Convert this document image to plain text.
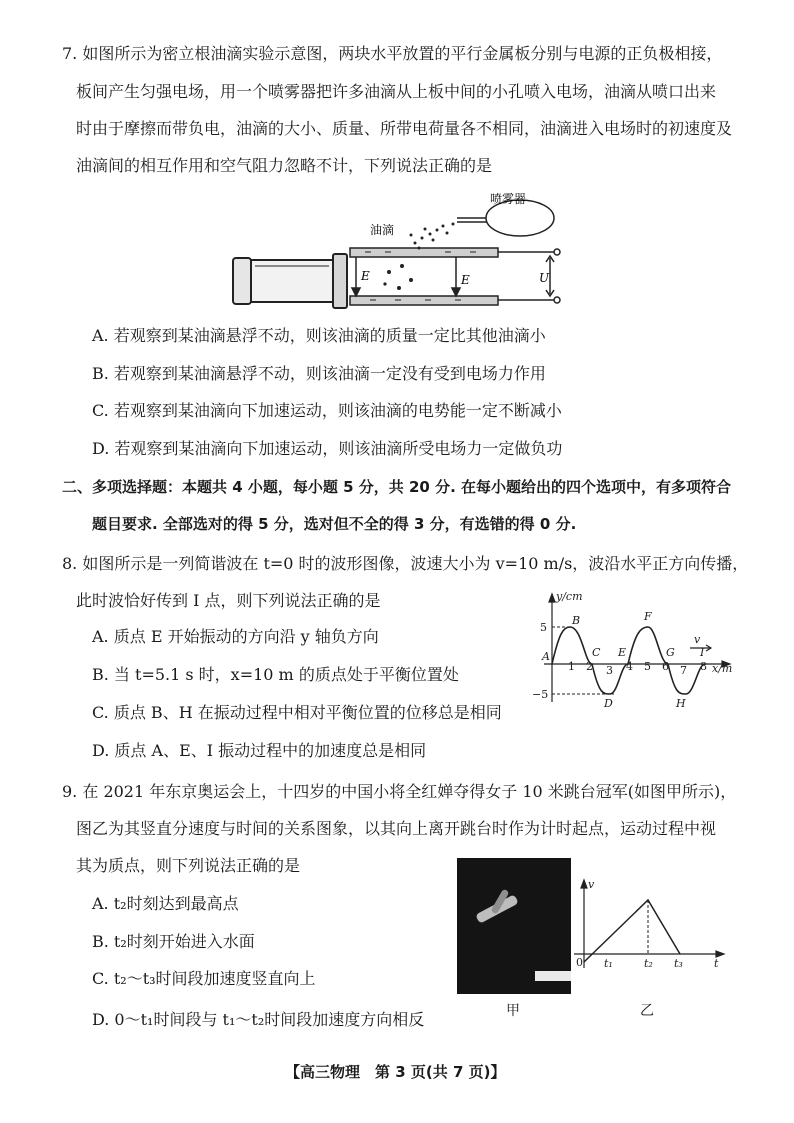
7. 如图所示为密立根油滴实验示意图，两块水平放置的平行金属板分别与电源的正负极相接，
板间产生匀强电场，用一个喷雾器把许多油滴从上板中间的小孔喷入电场，油滴从喷口出来
时由于摩擦而带负电，油滴的大小、质量、所带电荷量各不相同，油滴进入电场时的初速度及
油滴间的相互作用和空气阻力忽略不计，下列说法正确的是
喷雾器
油滴
E	E	U
A. 若观察到某油滴悬浮不动，则该油滴的质量一定比其他油滴小
B. 若观察到某油滴悬浮不动，则该油滴一定没有受到电场力作用
C. 若观察到某油滴向下加速运动，则该油滴的电势能一定不断减小
D. 若观察到某油滴向下加速运动，则该油滴所受电场力一定做负功
二、多项选择题：本题共 4 小题，每小题 5 分，共 20 分. 在每小题给出的四个选项中，有多项符合
题目要求. 全部选对的得 5 分，选对但不全的得 3 分，有选错的得 0 分.
8. 如图所示是一列简谐波在 t=0 时的波形图像，波速大小为 v=10 m/s，波沿水平正方向传播，
此时波恰好传到 I 点，则下列说法正确的是
A. 质点 E 开始振动的方向沿 y 轴负方向
B. 当 t=5.1 s 时，x=10 m 的质点处于平衡位置处
C. 质点 B、H 在振动过程中相对平衡位置的位移总是相同
D. 质点 A、E、I 振动过程中的加速度总是相同
y/cm
5
−5
1 2 3 4 5 6 7 8 x/m
v
A
B
C
D
E
F
G
H
I
9. 在 2021 年东京奥运会上，十四岁的中国小将全红婵夺得女子 10 米跳台冠军(如图甲所示)，
图乙为其竖直分速度与时间的关系图象，以其向上离开跳台时作为计时起点，运动过程中视
其为质点，则下列说法正确的是
A. t₂时刻达到最高点
B. t₂时刻开始进入水面
C. t₂～t₃时间段加速度竖直向上
D. 0～t₁时间段与 t₁～t₂时间段加速度方向相反	甲
v
0 t₁	t₂ t₃	t
乙
【高三物理　第 3 页(共 7 页)】
